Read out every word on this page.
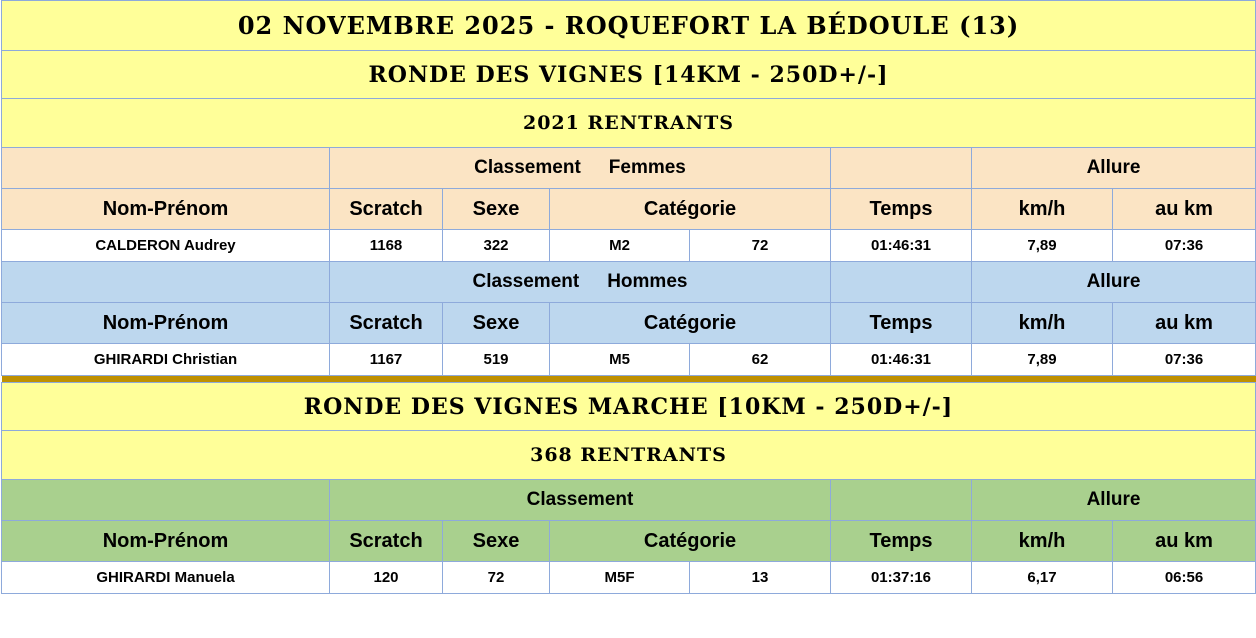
02 NOVEMBRE 2025 - ROQUEFORT LA BÉDOULE (13)							
RONDE DES VIGNES [14KM - 250D+/-]							
2021 RENTRANTS							
	Classement Femmes					Allure	
Nom-Prénom	Scratch	Sexe	Catégorie		Temps	km/h	au km
CALDERON Audrey	1168	322	M2	72	01:46:31	7,89	07:36
	Classement Hommes					Allure	
Nom-Prénom	Scratch	Sexe	Catégorie		Temps	km/h	au km
GHIRARDI Christian	1167	519	M5	62	01:46:31	7,89	07:36

RONDE DES VIGNES MARCHE [10KM - 250D+/-]							
368 RENTRANTS							
	Classement					Allure	
Nom-Prénom	Scratch	Sexe	Catégorie		Temps	km/h	au km
GHIRARDI Manuela	120	72	M5F	13	01:37:16	6,17	06:56
